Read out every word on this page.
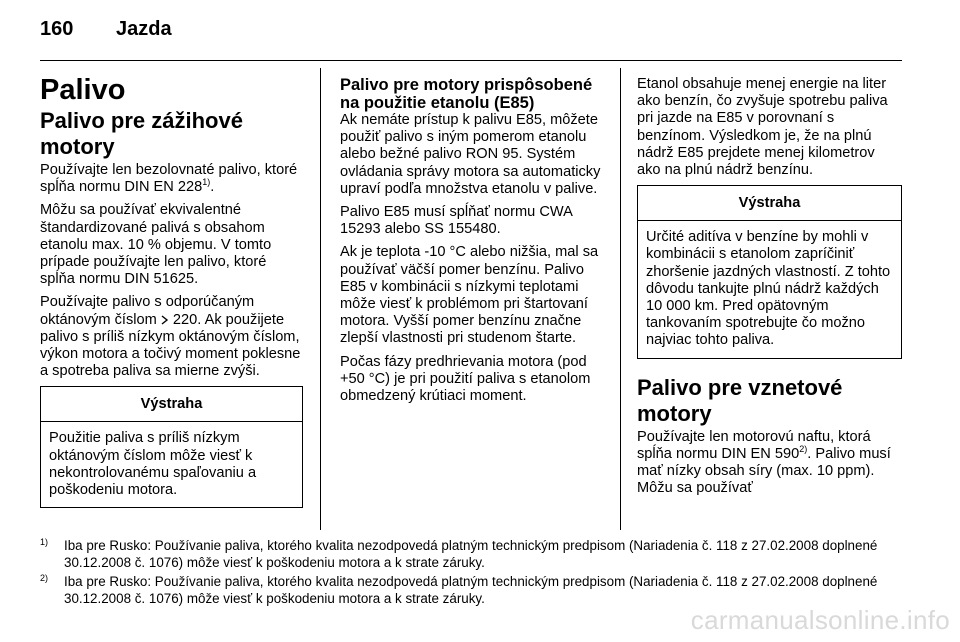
160 Jazda
Palivo
Palivo pre zážihové motory

Používajte len bezolovnaté palivo, ktoré spĺňa normu DIN EN 228$^{1)}$.

Môžu sa používať ekvivalentné štandardizované palivá s obsahom etanolu max. 10 % objemu. V tomto prípade používajte len palivo, ktoré spĺňa normu DIN 51625.

Používajte palivo s odporúčaným oktánovým číslom 220. Ak použijete palivo s príliš nízkym oktánovým číslom, výkon motora a točivý moment poklesne a spotreba paliva sa mierne zvýši.

Výstraha
Použitie paliva s príliš nízkym oktánovým číslom môže viesť k nekontrolovanému spaľovaniu a poškodeniu motora.
Palivo pre motory prispôsobené na použitie etanolu (E85)

Ak nemáte prístup k palivu E85, môžete použiť palivo s iným pomerom etanolu alebo bežné palivo RON 95. Systém ovládania správy motora sa automaticky upraví podľa množstva etanolu v palive.

Palivo E85 musí spĺňať normu CWA 15293 alebo SS 155480.

Ak je teplota -10 °C alebo nižšia, mal sa používať väčší pomer benzínu. Palivo E85 v kombinácii s nízkymi teplotami môže viesť k problémom pri štartovaní motora. Vyšší pomer benzínu značne zlepší vlastnosti pri studenom štarte.

Počas fázy predhrievania motora (pod +50 °C) je pri použití paliva s etanolom obmedzený krútiaci moment.

Etanol obsahuje menej energie na liter ako benzín, čo zvyšuje spotrebu paliva pri jazde na E85 v porovnaní s benzínom. Výsledkom je, že na plnú nádrž E85 prejdete menej kilometrov ako na plnú nádrž benzínu.

Výstraha
Určité aditíva v benzíne by mohli v kombinácii s etanolom zapríčiniť zhoršenie jazdných vlastností. Z tohto dôvodu tankujte plnú nádrž každých 10 000 km. Pred opätovným tankovaním spotrebujte čo možno najviac tohto paliva.
Palivo pre vznetové motory

Používajte len motorovú naftu, ktorá spĺňa normu DIN EN 590$^{2)}$. Palivo musí mať nízky obsah síry (max. 10 ppm). Môžu sa používať

1) Iba pre Rusko: Používanie paliva, ktorého kvalita nezodpovedá platným technickým predpisom (Nariadenia č. 118 z 27.02.2008 doplnené 30.12.2008 č. 1076) môže viesť k poškodeniu motora a k strate záruky.
2) Iba pre Rusko: Používanie paliva, ktorého kvalita nezodpovedá platným technickým predpisom (Nariadenia č. 118 z 27.02.2008 doplnené 30.12.2008 č. 1076) môže viesť k poškodeniu motora a k strate záruky.
carmanualsonline.info
